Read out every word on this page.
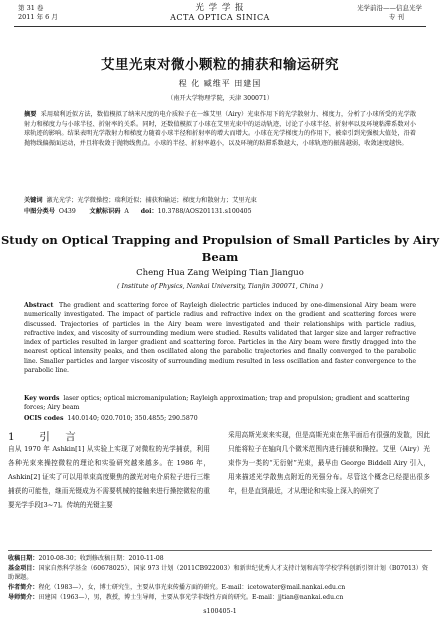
第 31 卷
2011 年 6 月
光 学 学 报
ACTA OPTICA SINICA
光学前沿——信息光学
专 刊
艾里光束对微小颗粒的捕获和输运研究
程 化 臧维平 田建国
（南开大学物理学院，天津 300071）
摘要 采用瑞利近似方法，数值模拟了纳米尺度的电介质粒子在一维艾里（Airy）光束作用下的光学散射力、梯度力，分析了小球所受的光学散射力和梯度力与小球半径、折射率的关系。同时，还数值模拟了小球在艾里光束中的运动轨迹，讨论了小球半径、折射率以及环境粘滞系数对小球轨迹的影响。结果表明光学散射力和梯度力随着小球半径和折射率的增大而增大。小球在光学梯度力的作用下，被牵引到光强极大值处，沿着抛物线偏振面运动，并且将收敛于抛物线焦点。小球的半径、折射率越小，以及环境的粘滞系数越大，小球轨迹的振荡越弱，收敛速度越快。
关键词 激光光学；光学微操控；瑞利近似；捕获和输运；梯度力和散射力；艾里光束
中图分类号 O439 文献标识码 A doi：10.3788/AOS201131.s100405
Study on Optical Trapping and Propulsion of Small Particles by Airy Beam
Cheng Hua Zang Weiping Tian Jianguo
( Institute of Physics, Nankai University, Tianjin 300071, China )
Abstract The gradient and scattering force of Rayleigh dielectric particles induced by one-dimensional Airy beam were numerically investigated. The impact of particle radius and refractive index on the gradient and scattering forces were discussed. Trajectories of particles in the Airy beam were investigated and their relationships with particle radius, refractive index, and viscosity of surrounding medium were studied. Results validated that larger size and larger refractive index of particles resulted in larger gradient and scattering force. Particles in the Airy beam were firstly dragged into the nearest optical intensity peaks, and then oscillated along the parabolic trajectories and finally converged to the parabolic line. Smaller particles and larger viscosity of surrounding medium resulted in less oscillation and faster convergence to the parabolic line.
Key words laser optics; optical micromanipulation; Rayleigh approximation; trap and propulsion; gradient and scattering forces; Airy beam
OCIS codes 140.0140; 020.7010; 350.4855; 290.5870
1 引 言
自从 1970 年 Ashkin[1] 从实验上实现了对微粒的光学捕获，利用各种光束来操控微粒的理论和实验研究越来越多。在 1986 年，Ashkin[2] 证实了可以用单束高度聚焦的激光对电介质粒子进行三维捕获的可能性，继而光镊成为不需要机械的接触来进行操控微粒的重要光学手段[3~7]。传统的光镊主要
采用高斯光束来实现，但是高斯光束在焦平面后有很强的发散，因此只能将粒子在轴向几个微米范围内进行捕获和操控。艾里（Airy）光束作为一类的“无衍射”光束，最早由 George Biddell Airy 引入，用来描述光学散焦点附近的光强分布。尽管这个概念已经提出很多年，但是直到最近，才从理论和实验上深入的研究了
收稿日期：2010-08-30；收到修改稿日期：2010-11-08
基金项目：国家自然科学基金（60678025）、国家 973 计划（2011CB922003）和新世纪优秀人才支持计划和高等学校学科创新引智计划（B07013）资助课题。
作者简介：程化（1983—），女，博士研究生，主要从事光束传播方面的研究。E-mail：icetowater@mail.nankai.edu.cn
导师简介：田建国（1963—），男，教授，博士生导师，主要从事光学非线性方面的研究。E-mail：jjtian@nankai.edu.cn
s100405-1
